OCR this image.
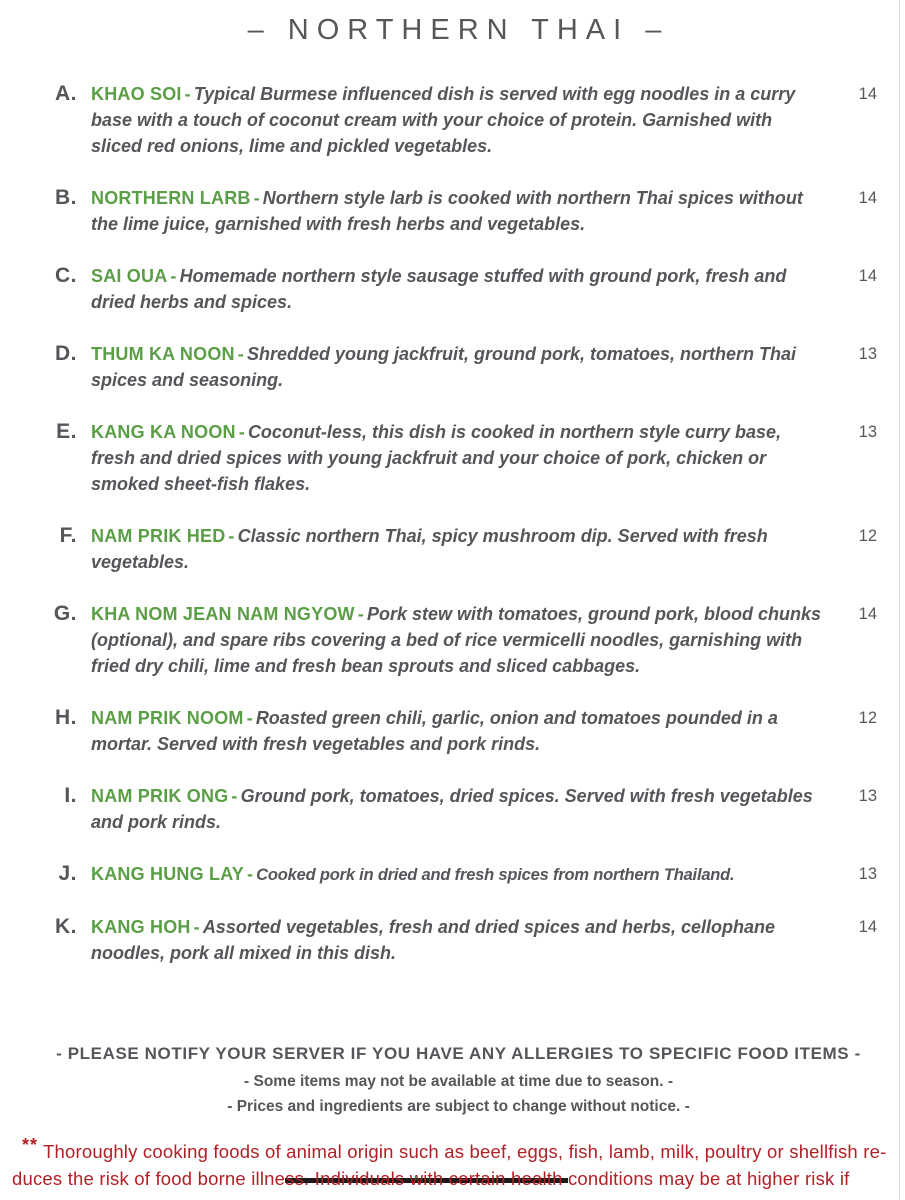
– NORTHERN THAI –
A. KHAO SOI - Typical Burmese influenced dish is served with egg noodles in a curry base with a touch of coconut cream with your choice of protein. Garnished with sliced red onions, lime and pickled vegetables.
14
B. NORTHERN LARB - Northern style larb is cooked with northern Thai spices without the lime juice, garnished with fresh herbs and vegetables.
14
C. SAI OUA - Homemade northern style sausage stuffed with ground pork, fresh and dried herbs and spices.
14
D. THUM KA NOON - Shredded young jackfruit, ground pork, tomatoes, northern Thai spices and seasoning.
13
E. KANG KA NOON - Coconut-less, this dish is cooked in northern style curry base, fresh and dried spices with young jackfruit and your choice of pork, chicken or smoked sheet-fish flakes.
13
F. NAM PRIK HED - Classic northern Thai, spicy mushroom dip. Served with fresh vegetables.
12
G. KHA NOM JEAN NAM NGYOW - Pork stew with tomatoes, ground pork, blood chunks (optional), and spare ribs covering a bed of rice vermicelli noodles, garnishing with fried dry chili, lime and fresh bean sprouts and sliced cabbages.
14
H. NAM PRIK NOOM - Roasted green chili, garlic, onion and tomatoes pounded in a mortar. Served with fresh vegetables and pork rinds.
12
I. NAM PRIK ONG - Ground pork, tomatoes, dried spices. Served with fresh vegetables and pork rinds.
13
J. KANG HUNG LAY - Cooked pork in dried and fresh spices from northern Thailand.	13
K. KANG HOH - Assorted vegetables, fresh and dried spices and herbs, cellophane noodles, pork all mixed in this dish.
14
- PLEASE NOTIFY YOUR SERVER IF YOU HAVE ANY ALLERGIES TO SPECIFIC FOOD ITEMS -
- Some items may not be available at time due to season. -
- Prices and ingredients are subject to change without notice. -
** Thoroughly cooking foods of animal origin such as beef, eggs, fish, lamb, milk, poultry or shellfish re-
duces the risk of food borne illness. Individuals with certain health conditions may be at higher risk if
